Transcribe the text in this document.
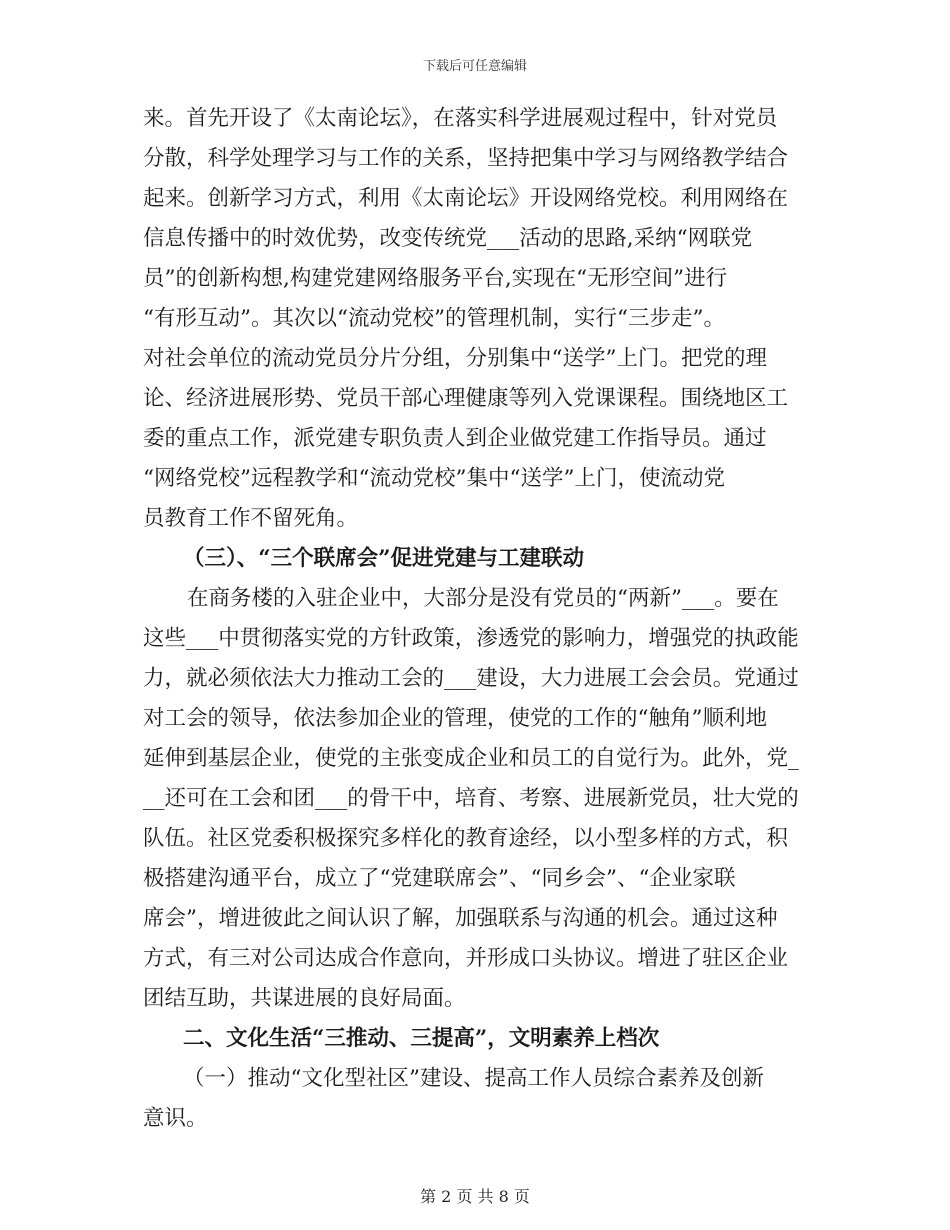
下载后可任意编辑
来。首先开设了《太南论坛》，在落实科学进展观过程中，针对党员
分散，科学处理学习与工作的关系，坚持把集中学习与网络教学结合
起来。创新学习方式，利用《太南论坛》开设网络党校。利用网络在
信息传播中的时效优势，改变传统党___活动的思路,采纳“网联党
员”的创新构想,构建党建网络服务平台,实现在“无形空间”进行
“有形互动”。其次以“流动党校”的管理机制，实行“三步走”。
对社会单位的流动党员分片分组，分别集中“送学”上门。把党的理
论、经济进展形势、党员干部心理健康等列入党课课程。围绕地区工
委的重点工作，派党建专职负责人到企业做党建工作指导员。通过
“网络党校”远程教学和“流动党校”集中“送学”上门，使流动党
员教育工作不留死角。
（三）、“三个联席会”促进党建与工建联动
在商务楼的入驻企业中，大部分是没有党员的“两新”___。要在
这些___中贯彻落实党的方针政策，渗透党的影响力，增强党的执政能
力，就必须依法大力推动工会的___建设，大力进展工会会员。党通过
对工会的领导，依法参加企业的管理，使党的工作的“触角”顺利地
延伸到基层企业，使党的主张变成企业和员工的自觉行为。此外，党_
__还可在工会和团___的骨干中，培育、考察、进展新党员，壮大党的
队伍。社区党委积极探究多样化的教育途经，以小型多样的方式，积
极搭建沟通平台，成立了“党建联席会”、“同乡会”、“企业家联
席会”，增进彼此之间认识了解，加强联系与沟通的机会。通过这种
方式，有三对公司达成合作意向，并形成口头协议。增进了驻区企业
团结互助，共谋进展的良好局面。
二、文化生活“三推动、三提高”，文明素养上档次
（一）推动“文化型社区”建设、提高工作人员综合素养及创新
意识。
第 2 页 共 8 页
